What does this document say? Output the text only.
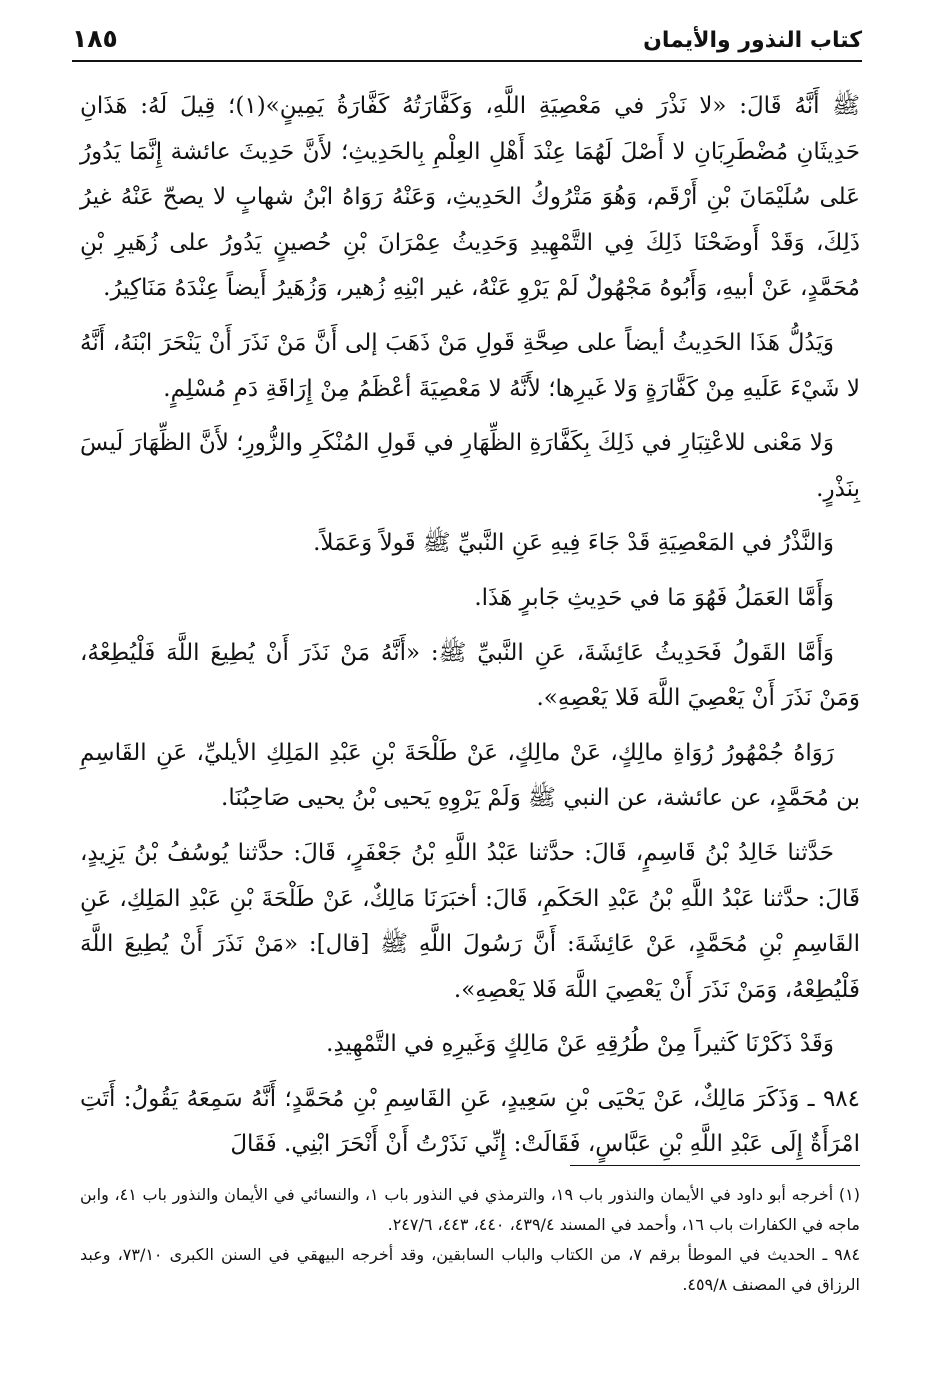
كتاب النذور والأيمان
١٨٥

ﷺ أَنَّهُ قَالَ: «لا نَذْرَ في مَعْصِيَةِ اللَّهِ، وَكَفَّارَتُهُ كَفَّارَةُ يَمِينٍ»(١)؛ قِيلَ لَهُ: هَذَانِ حَدِيثَانِ مُضْطَرِبَانِ لا أَصْلَ لَهُمَا عِنْدَ أَهْلِ العِلْمِ بِالحَدِيثِ؛ لأَنَّ حَدِيثَ عائشة إِنَّمَا يَدُورُ عَلى سُلَيْمَانَ بْنِ أَرْقَم، وَهُوَ مَتْرُوكُ الحَدِيثِ، وَعَنْهُ رَوَاهُ ابْنُ شهابٍ لا يصحّ عَنْهُ غيرُ ذَلِكَ، وَقَدْ أَوضَحْنَا ذَلِكَ فِي التَّمْهِيدِ وَحَدِيثُ عِمْرَانَ بْنِ حُصينٍ يَدُورُ على زُهَيرِ بْنِ مُحَمَّدٍ، عَنْ أبيهِ، وَأَبُوهُ مَجْهُولٌ لَمْ يَرْوِ عَنْهُ، غير ابْنِهِ زُهير، وَزُهَيرُ أَيضاً عِنْدَهُ مَنَاكِيرُ.

وَيَدُلُّ هَذَا الحَدِيثُ أيضاً على صِحَّةِ قَولِ مَنْ ذَهَبَ إلى أَنَّ مَنْ نَذَرَ أَنْ يَنْحَرَ ابْنَهُ، أَنَّهُ لا شَيْءَ عَلَيهِ مِنْ كَفَّارَةٍ وَلا غَيرِها؛ لأَنَّهُ لا مَعْصِيَةَ أعْظَمُ مِنْ إِرَاقَةِ دَمِ مُسْلِمٍ.

وَلا مَعْنى للاعْتِبَارِ في ذَلِكَ بِكَفَّارَةِ الظِّهَارِ في قَولِ المُنْكَرِ والزُّورِ؛ لأَنَّ الظِّهَارَ لَيسَ بِنَذْرٍ.

وَالنَّذْرُ في المَعْصِيَةِ قَدْ جَاءَ فِيهِ عَنِ النَّبيِّ ﷺ قَولاً وَعَمَلاً.

وَأَمَّا العَمَلُ فَهُوَ مَا في حَدِيثِ جَابرٍ هَذَا.

وَأَمَّا القَولُ فَحَدِيثُ عَائِشَةَ، عَنِ النَّبيِّ ﷺ: «أَنَّهُ مَنْ نَذَرَ أَنْ يُطِيعَ اللَّهَ فَلْيُطِعْهُ، وَمَنْ نَذَرَ أَنْ يَعْصِيَ اللَّهَ فَلا يَعْصِهِ».

رَوَاهُ جُمْهُورُ رُوَاةِ مالِكٍ، عَنْ مالِكٍ، عَنْ طَلْحَةَ بْنِ عَبْدِ المَلِكِ الأيليِّ، عَنِ القَاسِمِ بن مُحَمَّدٍ، عن عائشة، عن النبي ﷺ وَلَمْ يَرْوِهِ يَحيى بْنُ يحيى صَاحِبُنَا.

حَدَّثنا خَالِدُ بْنُ قَاسِمٍ، قَالَ: حدَّثنا عَبْدُ اللَّهِ بْنُ جَعْفَرٍ، قَالَ: حدَّثنا يُوسُفُ بْنُ يَزِيدٍ، قَالَ: حدَّثنا عَبْدُ اللَّهِ بْنُ عَبْدِ الحَكَمِ، قَالَ: أخبَرَنَا مَالِكٌ، عَنْ طَلْحَةَ بْنِ عَبْدِ المَلِكِ، عَنِ القَاسِمِ بْنِ مُحَمَّدٍ، عَنْ عَائِشَةَ: أَنَّ رَسُولَ اللَّهِ ﷺ [قال]: «مَنْ نَذَرَ أَنْ يُطِيعَ اللَّهَ فَلْيُطِعْهُ، وَمَنْ نَذَرَ أَنْ يَعْصِيَ اللَّهَ فَلا يَعْصِهِ».

وَقَدْ ذَكَرْنَا كَثيراً مِنْ طُرُقِهِ عَنْ مَالِكٍ وَغَيرِهِ في التَّمْهِيدِ.

٩٨٤ ـ وَذَكَرَ مَالِكٌ، عَنْ يَحْيَى بْنِ سَعِيدٍ، عَنِ القَاسِمِ بْنِ مُحَمَّدٍ؛ أَنَّهُ سَمِعَهُ يَقُولُ: أَتَتِ امْرَأَةٌ إِلَى عَبْدِ اللَّهِ بْنِ عَبَّاسٍ، فَقَالَتْ: إِنِّي نَذَرْتُ أَنْ أَنْحَرَ ابْنِي. فَقَالَ

(١) أخرجه أبو داود في الأيمان والنذور باب ١٩، والترمذي في النذور باب ١، والنسائي في الأيمان والنذور باب ٤١، وابن ماجه في الكفارات باب ١٦، وأحمد في المسند ٤٣٩/٤، ٤٤٠، ٤٤٣، ٢٤٧/٦.

٩٨٤ ـ الحديث في الموطأ برقم ٧، من الكتاب والباب السابقين، وقد أخرجه البيهقي في السنن الكبرى ٧٣/١٠، وعبد الرزاق في المصنف ٤٥٩/٨.
